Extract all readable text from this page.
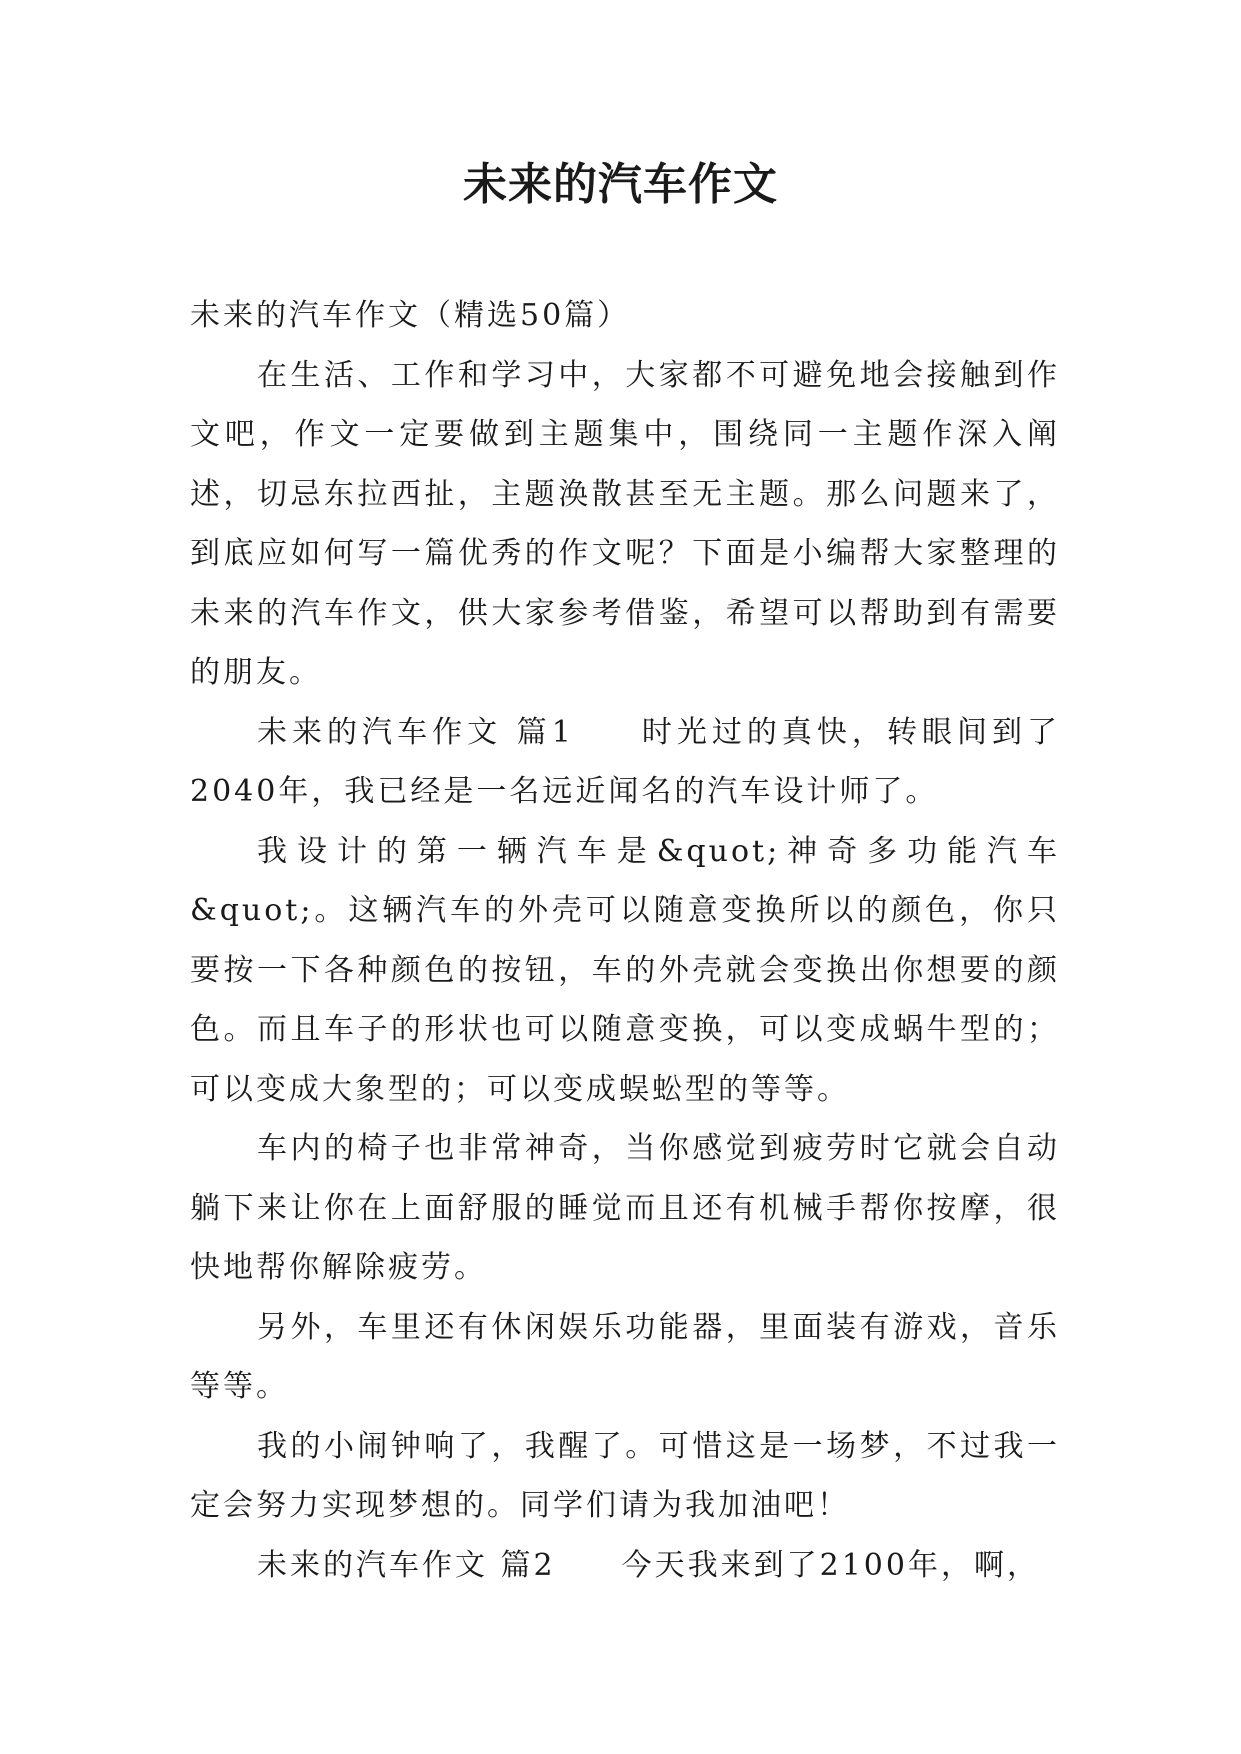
未来的汽车作文

未来的汽车作文（精选50篇）

在生活、工作和学习中，大家都不可避免地会接触到作文吧，作文一定要做到主题集中，围绕同一主题作深入阐述，切忌东拉西扯，主题涣散甚至无主题。那么问题来了，到底应如何写一篇优秀的作文呢？下面是小编帮大家整理的未来的汽车作文，供大家参考借鉴，希望可以帮助到有需要的朋友。

未来的汽车作文 篇1 时光过的真快，转眼间到了2040年，我已经是一名远近闻名的汽车设计师了。

我设计的第一辆汽车是&quot;神奇多功能汽车&quot;。这辆汽车的外壳可以随意变换所以的颜色，你只要按一下各种颜色的按钮，车的外壳就会变换出你想要的颜色。而且车子的形状也可以随意变换，可以变成蜗牛型的；可以变成大象型的；可以变成蜈蚣型的等等。

车内的椅子也非常神奇，当你感觉到疲劳时它就会自动躺下来让你在上面舒服的睡觉而且还有机械手帮你按摩，很快地帮你解除疲劳。

另外，车里还有休闲娱乐功能器，里面装有游戏，音乐等等。

我的小闹钟响了，我醒了。可惜这是一场梦，不过我一定会努力实现梦想的。同学们请为我加油吧！

未来的汽车作文 篇2 今天我来到了2100年，啊，
